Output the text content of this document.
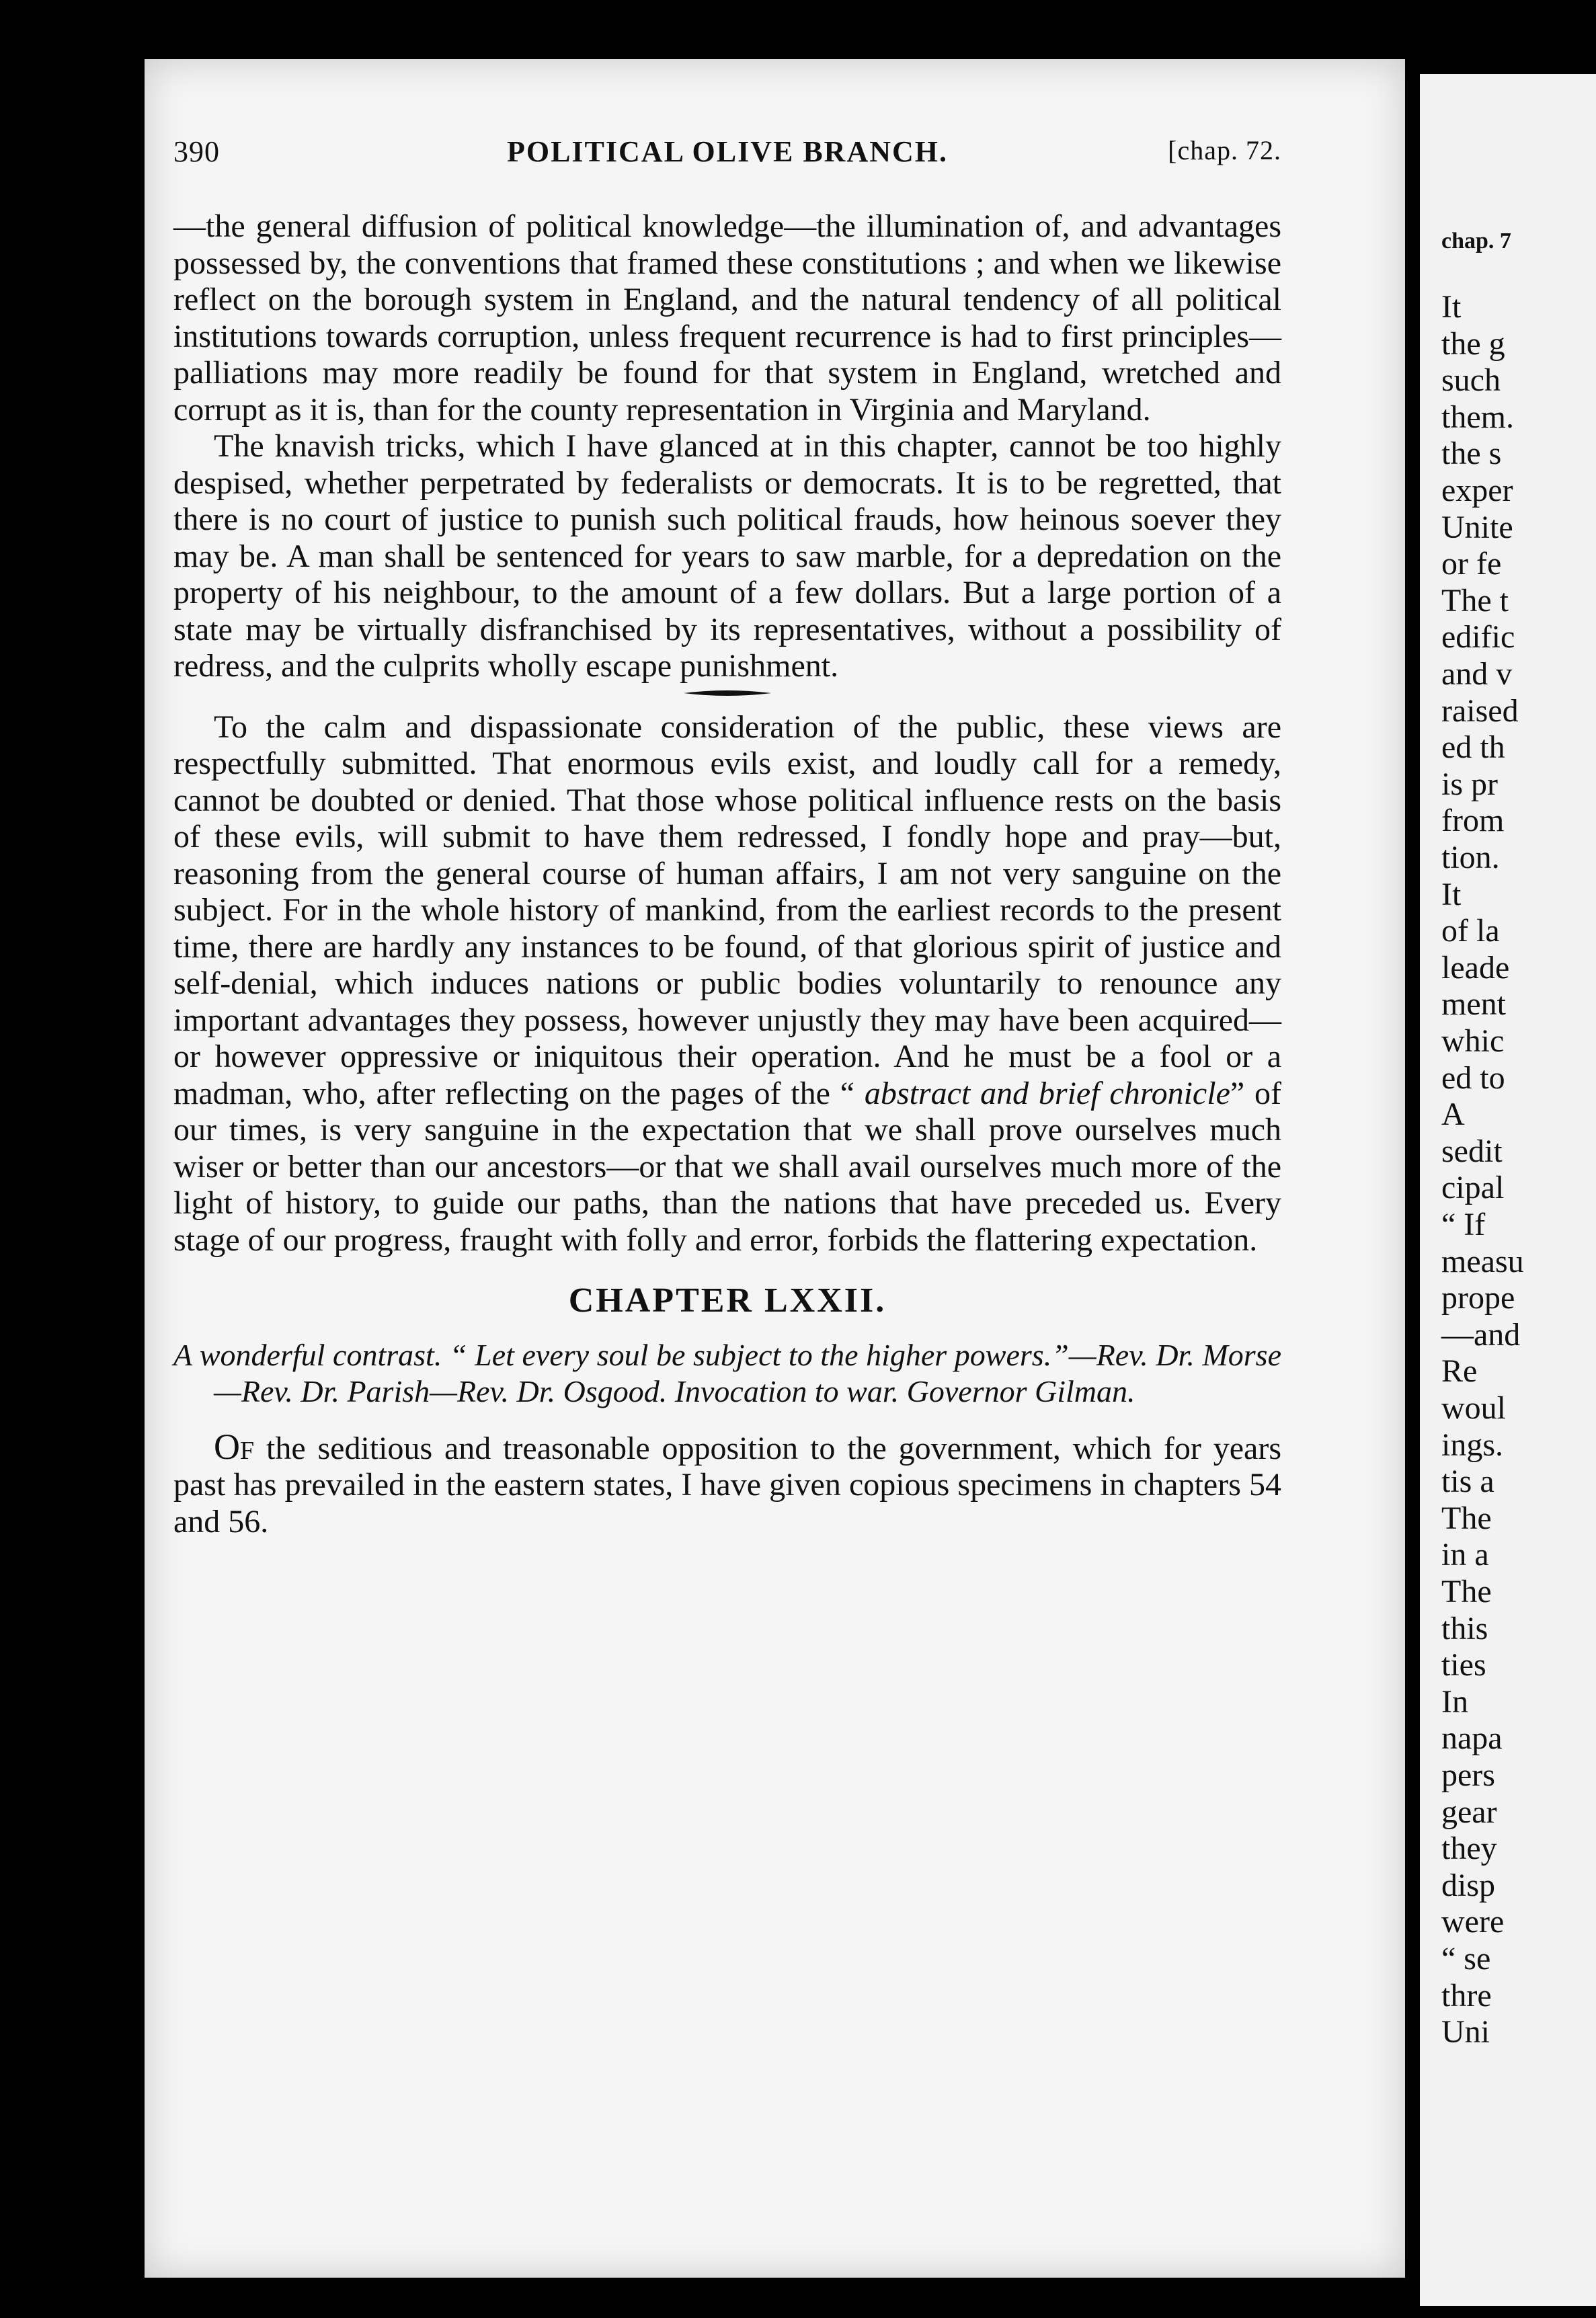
390	POLITICAL OLIVE BRANCH.	[chap. 72.

—the general diffusion of political knowledge—the illumination of, and advantages possessed by, the conventions that framed these constitutions ; and when we likewise reflect on the borough system in England, and the natural tendency of all political institutions towards corruption, unless frequent recurrence is had to first principles—palliations may more readily be found for that system in England, wretched and corrupt as it is, than for the county representation in Virginia and Maryland.

The knavish tricks, which I have glanced at in this chapter, cannot be too highly despised, whether perpetrated by federalists or democrats. It is to be regretted, that there is no court of justice to punish such political frauds, how heinous soever they may be. A man shall be sentenced for years to saw marble, for a depredation on the property of his neighbour, to the amount of a few dollars. But a large portion of a state may be virtually disfranchised by its representatives, without a possibility of redress, and the culprits wholly escape punishment.

To the calm and dispassionate consideration of the public, these views are respectfully submitted. That enormous evils exist, and loudly call for a remedy, cannot be doubted or denied. That those whose political influence rests on the basis of these evils, will submit to have them redressed, I fondly hope and pray—but, reasoning from the general course of human affairs, I am not very sanguine on the subject. For in the whole history of mankind, from the earliest records to the present time, there are hardly any instances to be found, of that glorious spirit of justice and self-denial, which induces nations or public bodies voluntarily to renounce any important advantages they possess, however unjustly they may have been acquired—or however oppressive or iniquitous their operation. And he must be a fool or a madman, who, after reflecting on the pages of the “ abstract and brief chronicle” of our times, is very sanguine in the expectation that we shall prove ourselves much wiser or better than our ancestors—or that we shall avail ourselves much more of the light of history, to guide our paths, than the nations that have preceded us. Every stage of our progress, fraught with folly and error, forbids the flattering expectation.

CHAPTER LXXII.
A wonderful contrast. “ Let every soul be subject to the higher powers.”—Rev. Dr. Morse—Rev. Dr. Parish—Rev. Dr. Osgood. Invocation to war. Governor Gilman.

Of the seditious and treasonable opposition to the government, which for years past has prevailed in the eastern states, I have given copious specimens in chapters 54 and 56.

chap. 7
It
the g
such
them.
the s
exper
Unite
or fe
The t
edific
and v
raised
ed th
is pr
from
tion.
It
of la
leade
ment
whic
ed to
A
sedit
cipal
“ If
measu
prope
—and
Re
woul
ings.
tis a
The
in a
The
this
ties
In
napa
pers
gear
they
disp
were
“ se
thre
Uni
